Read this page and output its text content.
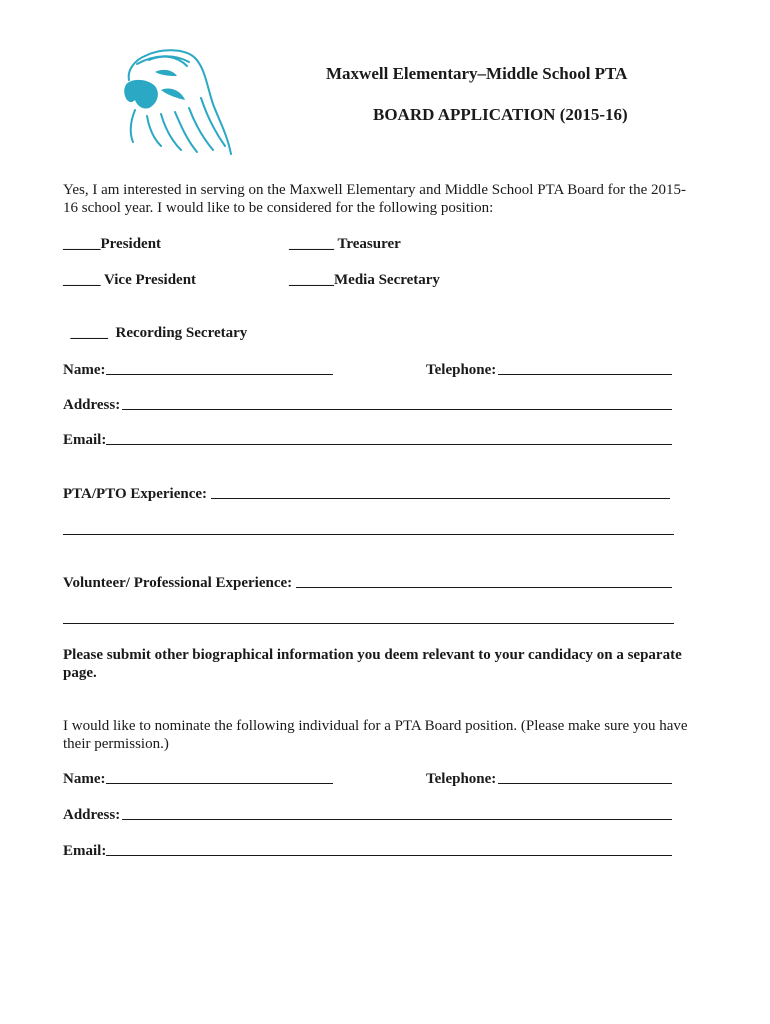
Maxwell Elementary–Middle School PTA
BOARD APPLICATION (2015-16)
Yes, I am interested in serving on the Maxwell Elementary and Middle School PTA Board for the 2015-
16 school year. I would like to be considered for the following position:
_____President	______ Treasurer
_____ Vice President	______Media Secretary

_____  Recording Secretary

Name:	Telephone:
Address:
Email:
PTA/PTO Experience:
Volunteer/ Professional Experience:
Please submit other biographical information you deem relevant to your candidacy on a separate
page.
I would like to nominate the following individual for a PTA Board position. (Please make sure you have
their permission.)
Name:	Telephone:
Address:
Email:
